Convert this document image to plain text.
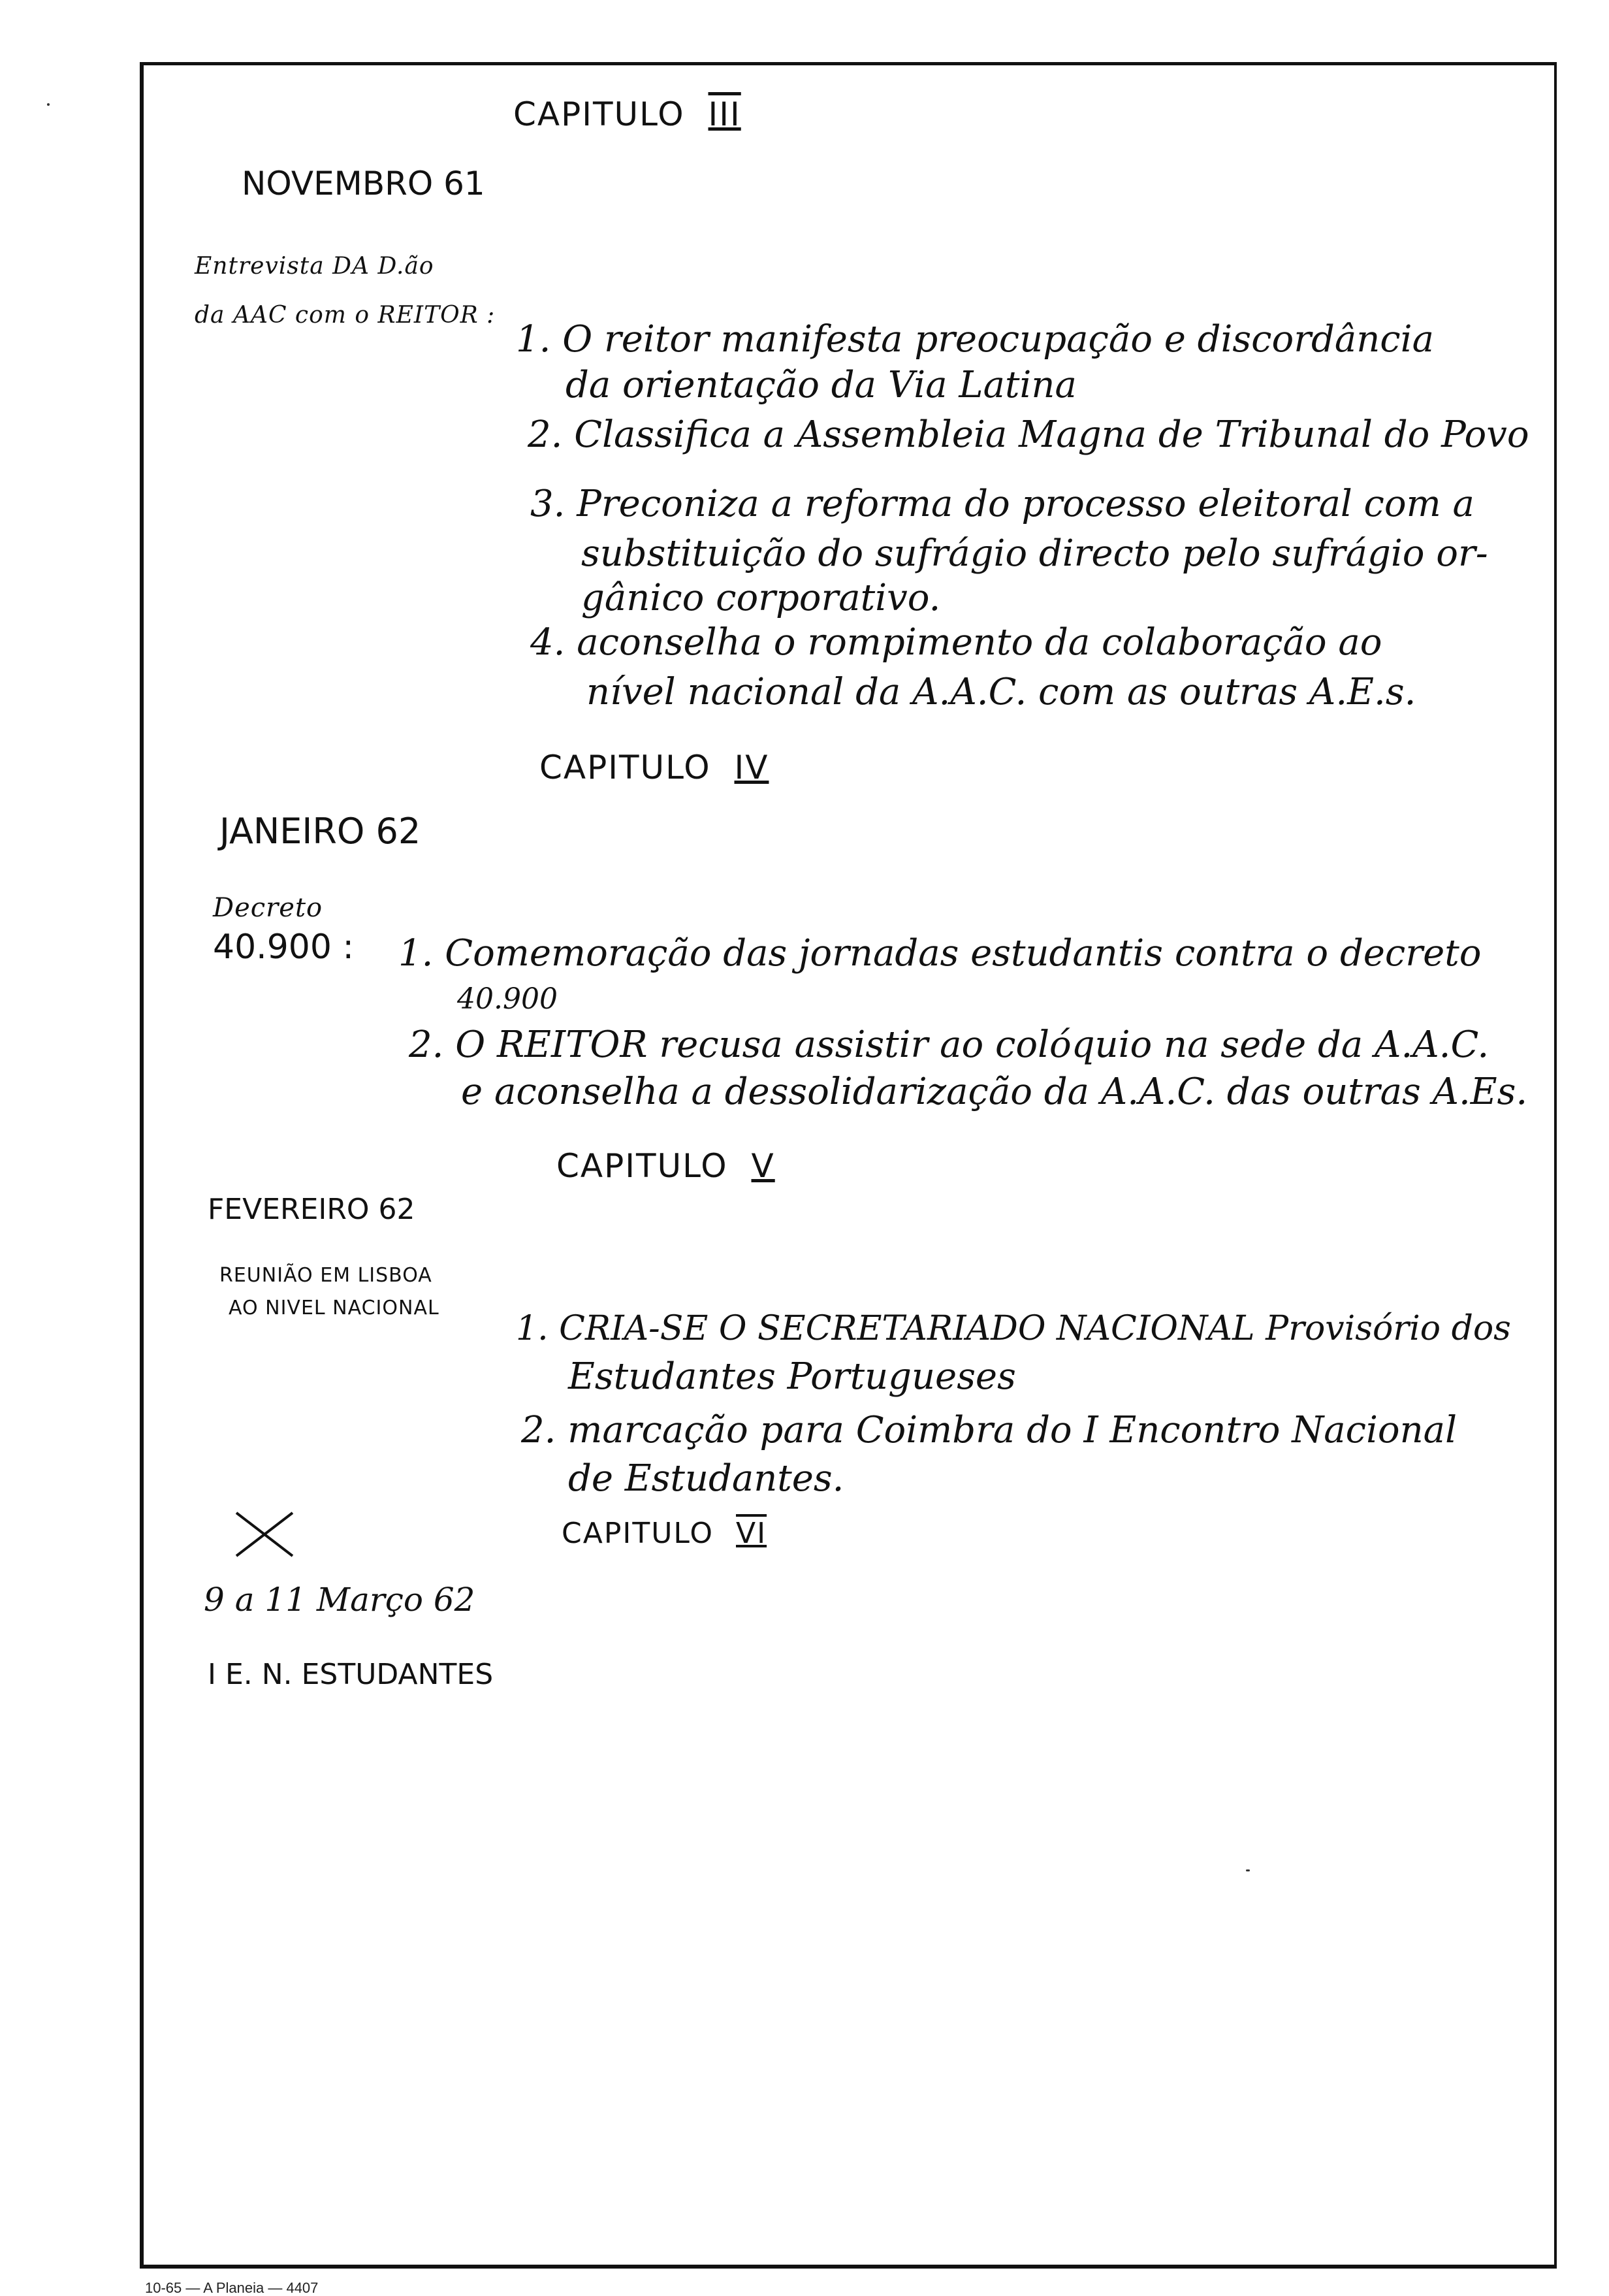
CAPITULO III
NOVEMBRO 61
Entrevista DA D.ão
da AAC com o REITOR :
1. O reitor manifesta preocupação e discordância
da orientação da Via Latina
2. Classifica a Assembleia Magna de Tribunal do Povo
3. Preconiza a reforma do processo eleitoral com a
substituição do sufrágio directo pelo sufrágio or-
gânico corporativo.
4. aconselha o rompimento da colaboração ao
nível nacional da A.A.C. com as outras A.E.s.
CAPITULO IV
JANEIRO 62
Decreto
40.900 : 1. Comemoração das jornadas estudantis contra o decreto
40.900
2. O REITOR recusa assistir ao colóquio na sede da A.A.C.
e aconselha a dessolidarização da A.A.C. das outras A.Es.
CAPITULO V
FEVEREIRO 62
REUNIÃO EM LISBOA
AO NIVEL NACIONAL
1. CRIA-SE O SECRETARIADO NACIONAL Provisório dos
Estudantes Portugueses
2. marcação para Coimbra do I Encontro Nacional
de Estudantes.
CAPITULO VI
9 a 11 Março 62
I E. N. ESTUDANTES
10-65 — A Planeia — 4407
